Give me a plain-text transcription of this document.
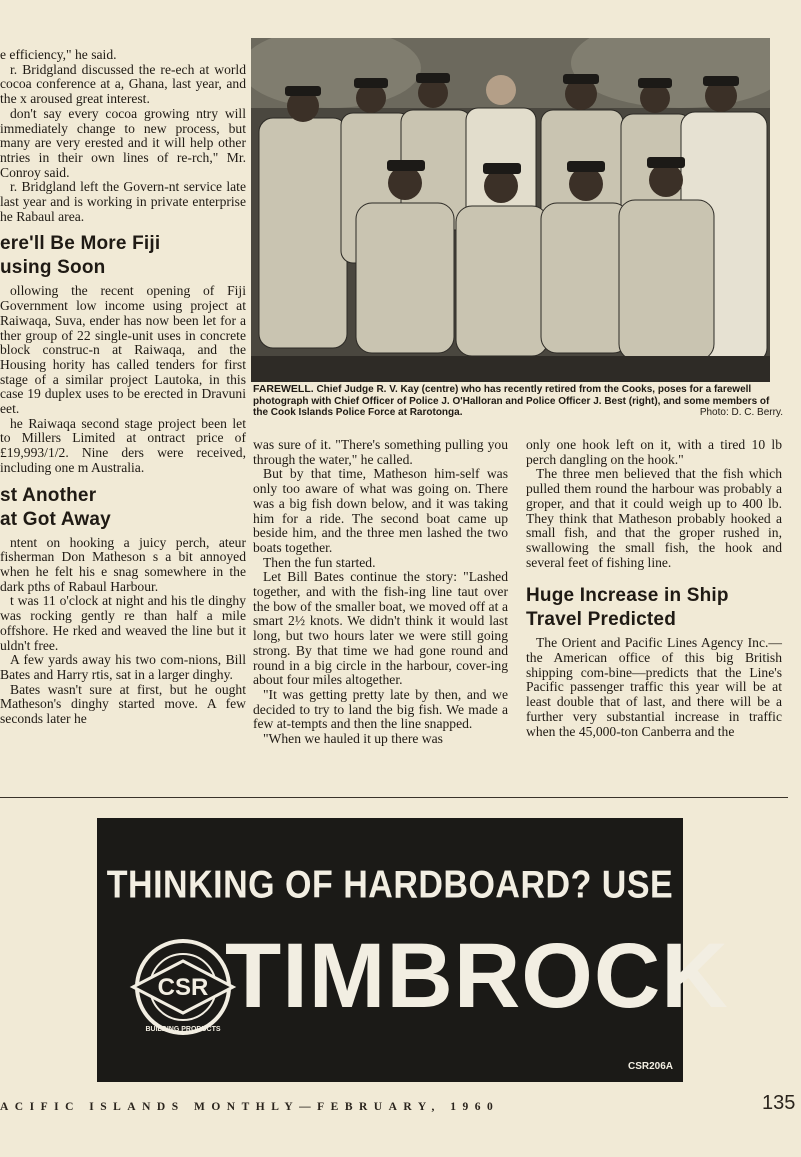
e efficiency," he said.

r. Bridgland discussed the re-ech at world cocoa conference at a, Ghana, last year, and the x aroused great interest.

don't say every cocoa growing ntry will immediately change to new process, but many are very erested and it will help other ntries in their own lines of re-rch," Mr. Conroy said.

r. Bridgland left the Govern-nt service late last year and is working in private enterprise he Rabaul area.

ere'll Be More Fiji
using Soon

ollowing the recent opening of Fiji Government low income using project at Raiwaqa, Suva, ender has now been let for a ther group of 22 single-unit uses in concrete block construc-n at Raiwaqa, and the Housing hority has called tenders for first stage of a similar project Lautoka, in this case 19 duplex uses to be erected in Dravuni eet.

he Raiwaqa second stage project been let to Millers Limited at ontract price of £19,993/1/2. Nine ders were received, including one m Australia.

st Another
at Got Away

ntent on hooking a juicy perch, ateur fisherman Don Matheson s a bit annoyed when he felt his e snag somewhere in the dark pths of Rabaul Harbour.

t was 11 o'clock at night and his tle dinghy was rocking gently re than half a mile offshore. He rked and weaved the line but it uldn't free.

A few yards away his two com-nions, Bill Bates and Harry rtis, sat in a larger dinghy.

Bates wasn't sure at first, but he ought Matheson's dinghy started move. A few seconds later he

FAREWELL. Chief Judge R. V. Kay (centre) who has recently retired from the Cooks, poses for a farewell photograph with Chief Officer of Police J. O'Halloran and Police Officer J. Best (right), and some members of the Cook Islands Police Force at Rarotonga.	Photo: D. C. Berry.

was sure of it. "There's something pulling you through the water," he called.

But by that time, Matheson him-self was only too aware of what was going on. There was a big fish down below, and it was taking him for a ride. The second boat came up beside him, and the three men lashed the two boats together.

Then the fun started.

Let Bill Bates continue the story: "Lashed together, and with the fish-ing line taut over the bow of the smaller boat, we moved off at a smart 2½ knots. We didn't think it would last long, but two hours later we were still going strong. By that time we had gone round and round in a big circle in the harbour, cover-ing about four miles altogether.

"It was getting pretty late by then, and we decided to try to land the big fish. We made a few at-tempts and then the line snapped.

"When we hauled it up there was

only one hook left on it, with a tired 10 lb perch dangling on the hook."

The three men believed that the fish which pulled them round the harbour was probably a groper, and that it could weigh up to 400 lb. They think that Matheson probably hooked a small fish, and that the groper rushed in, swallowing the small fish, the hook and several feet of fishing line.

Huge Increase in Ship
Travel Predicted

The Orient and Pacific Lines Agency Inc.—the American office of this big British shipping com-bine—predicts that the Line's Pacific passenger traffic this year will be at least double that of last, and there will be a further very substantial increase in traffic when the 45,000-ton Canberra and the

THINKING OF HARDBOARD? USE
CSR
BUILDING PRODUCTS
TIMBROCK
CSR206A
ACIFIC ISLANDS MONTHLY—FEBRUARY, 1960	135
